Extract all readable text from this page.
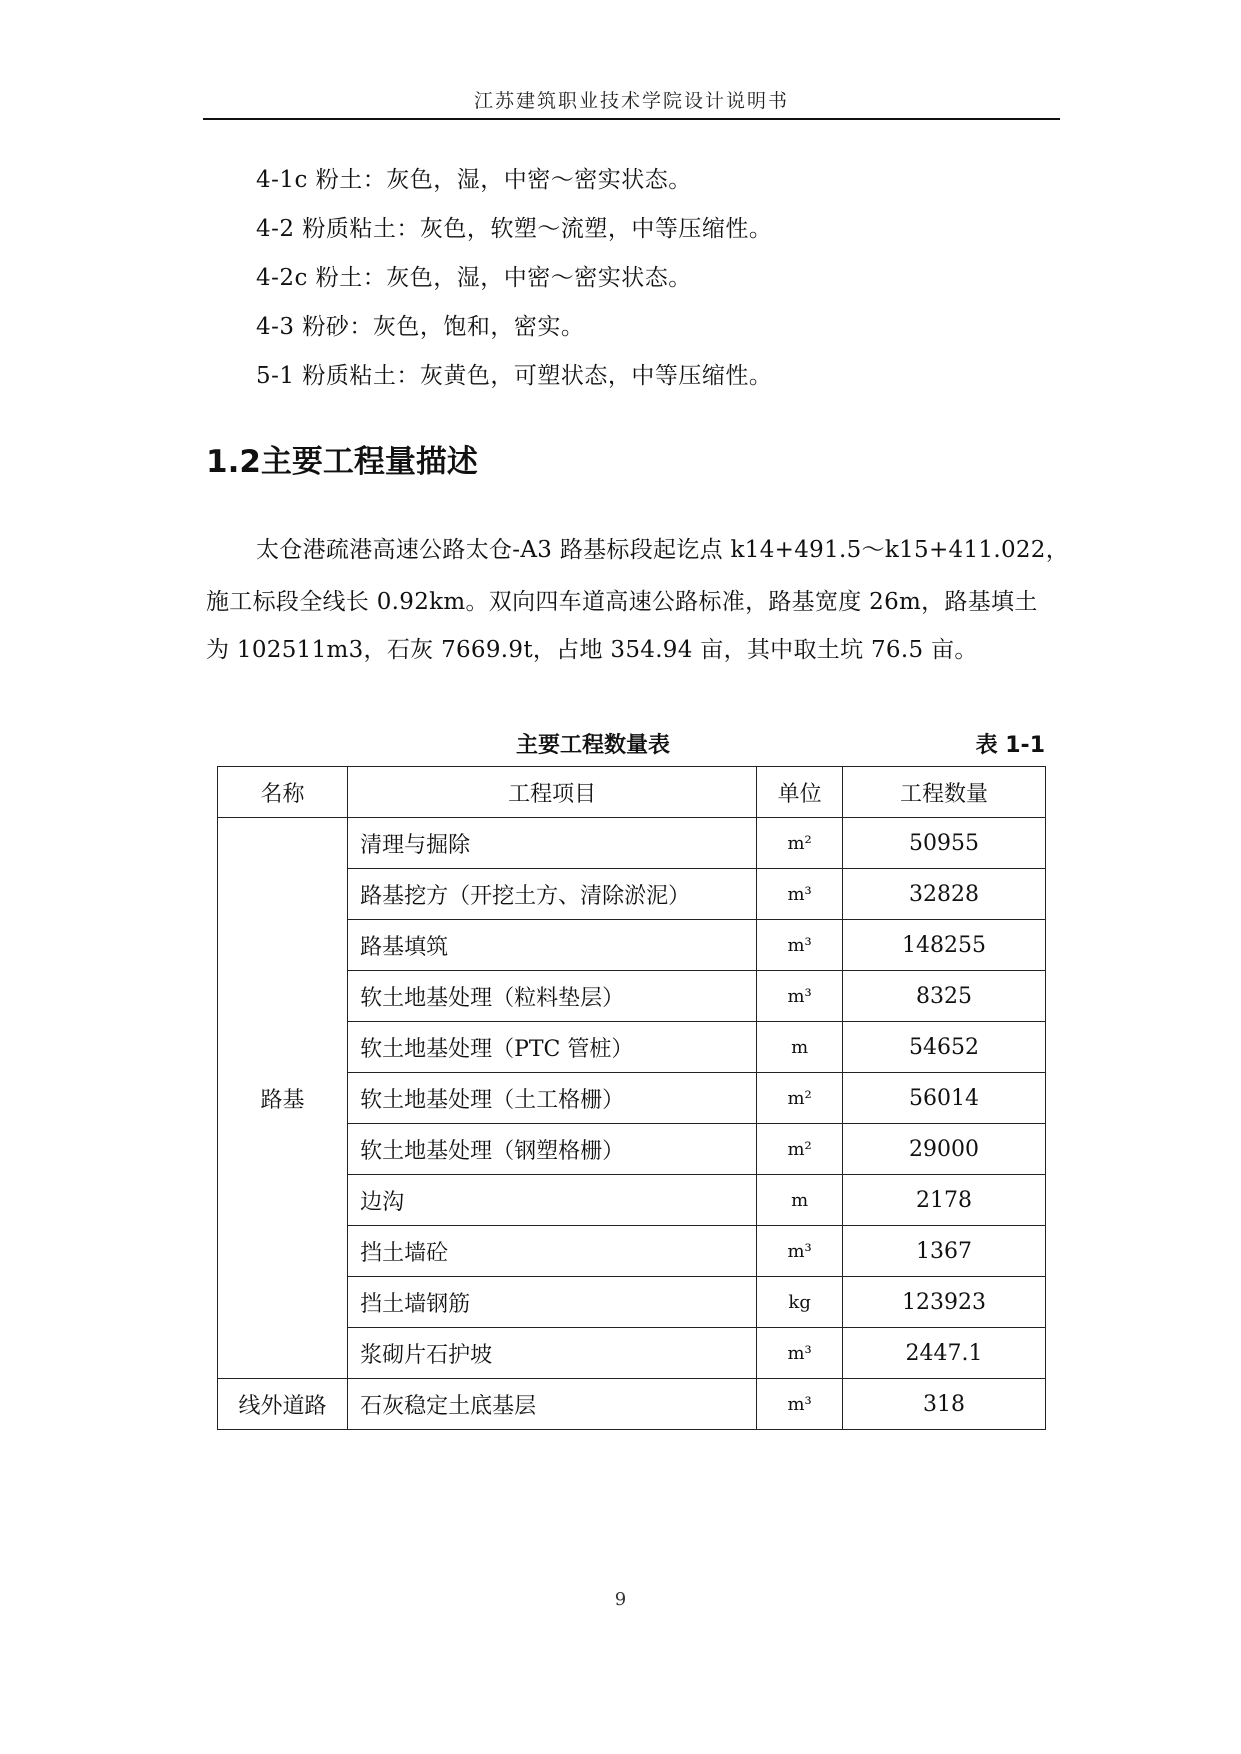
江苏建筑职业技术学院设计说明书
4-1c 粉土：灰色，湿，中密～密实状态。
4-2 粉质粘土：灰色，软塑～流塑，中等压缩性。
4-2c 粉土：灰色，湿，中密～密实状态。
4-3 粉砂：灰色，饱和，密实。
5-1 粉质粘土：灰黄色，可塑状态，中等压缩性。
1.2主要工程量描述
太仓港疏港高速公路太仓-A3 路基标段起讫点 k14+491.5～k15+411.022，
施工标段全线长 0.92km。双向四车道高速公路标准，路基宽度 26m，路基填土
为 102511m3，石灰 7669.9t，占地 354.94 亩，其中取土坑 76.5 亩。
主要工程数量表	表 1-1
名称	工程项目	单位	工程数量
路基	清理与掘除	m²	50955
	路基挖方（开挖土方、清除淤泥）	m³	32828
	路基填筑	m³	148255
	软土地基处理（粒料垫层）	m³	8325
	软土地基处理（PTC 管桩）	m	54652
	软土地基处理（土工格栅）	m²	56014
	软土地基处理（钢塑格栅）	m²	29000
	边沟	m	2178
	挡土墙砼	m³	1367
	挡土墙钢筋	kg	123923
	浆砌片石护坡	m³	2447.1
线外道路	石灰稳定土底基层	m³	318
9
